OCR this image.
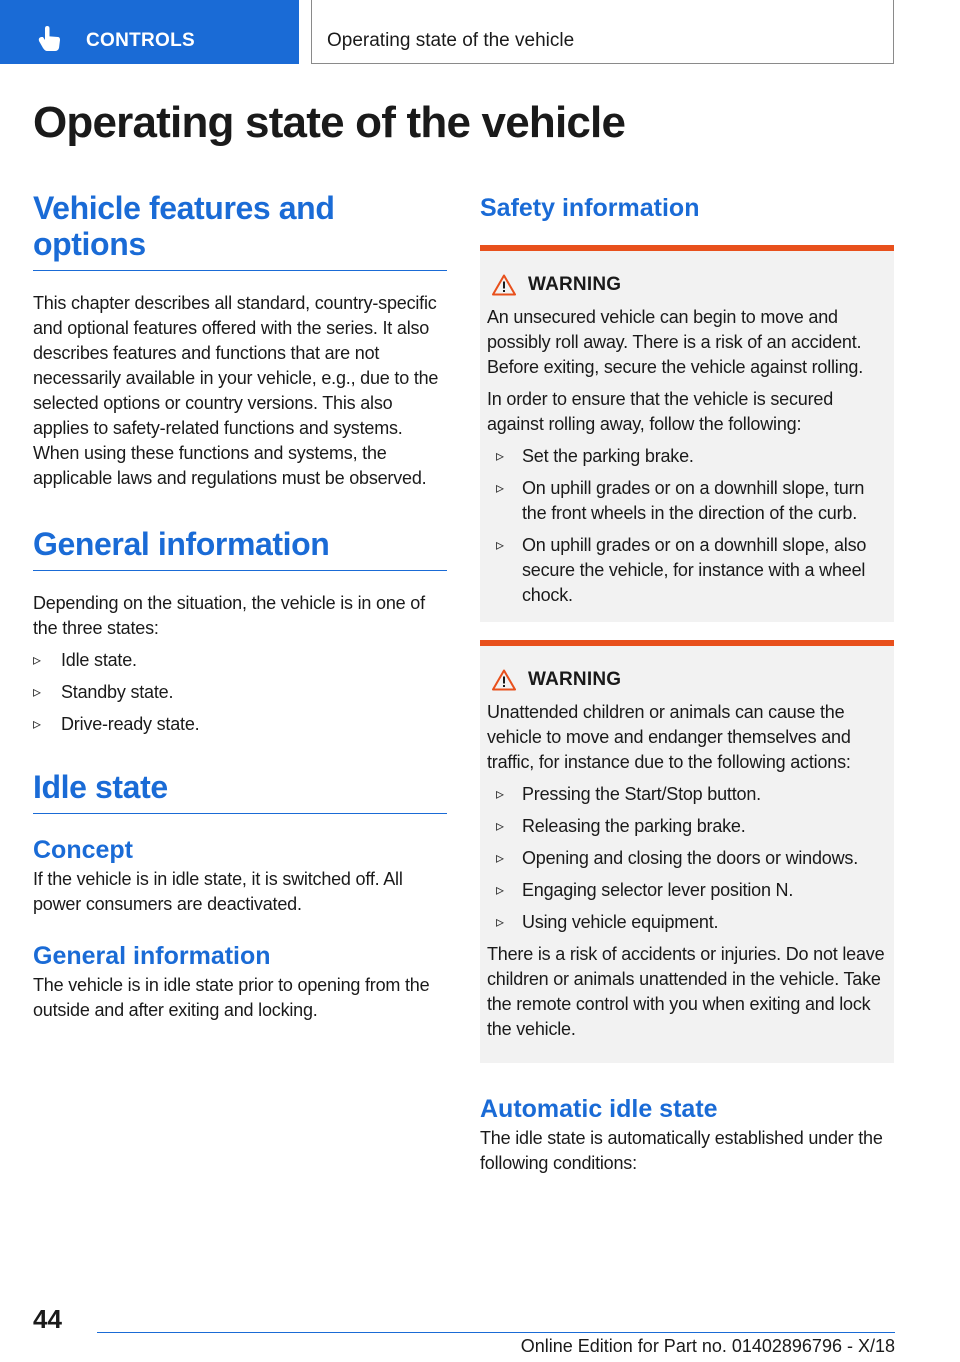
CONTROLS	Operating state of the vehicle
Operating state of the vehicle
Vehicle features and
options

This chapter describes all standard, country-specific and optional features offered with the series. It also describes features and functions that are not necessarily available in your vehicle, e.g., due to the selected options or country versions. This also applies to safety-related functions and systems. When using these functions and systems, the applicable laws and regulations must be observed.

General information

Depending on the situation, the vehicle is in one of the three states:

▹ Idle state.
▹ Standby state.
▹ Drive-ready state.
Idle state
Concept

If the vehicle is in idle state, it is switched off. All power consumers are deactivated.

General information

The vehicle is in idle state prior to opening from the outside and after exiting and locking.

Safety information
WARNING

An unsecured vehicle can begin to move and possibly roll away. There is a risk of an accident. Before exiting, secure the vehicle against rolling.

In order to ensure that the vehicle is secured against rolling away, follow the following:

▹ Set the parking brake.
▹ On uphill grades or on a downhill slope, turn the front wheels in the direction of the curb.
▹ On uphill grades or on a downhill slope, also secure the vehicle, for instance with a wheel chock.
WARNING

Unattended children or animals can cause the vehicle to move and endanger themselves and traffic, for instance due to the following actions:

▹ Pressing the Start/Stop button.
▹ Releasing the parking brake.
▹ Opening and closing the doors or windows.
▹ Engaging selector lever position N.
▹ Using vehicle equipment.

There is a risk of accidents or injuries. Do not leave children or animals unattended in the vehicle. Take the remote control with you when exiting and lock the vehicle.

Automatic idle state

The idle state is automatically established under the following conditions:

44
Online Edition for Part no. 01402896796 - X/18
